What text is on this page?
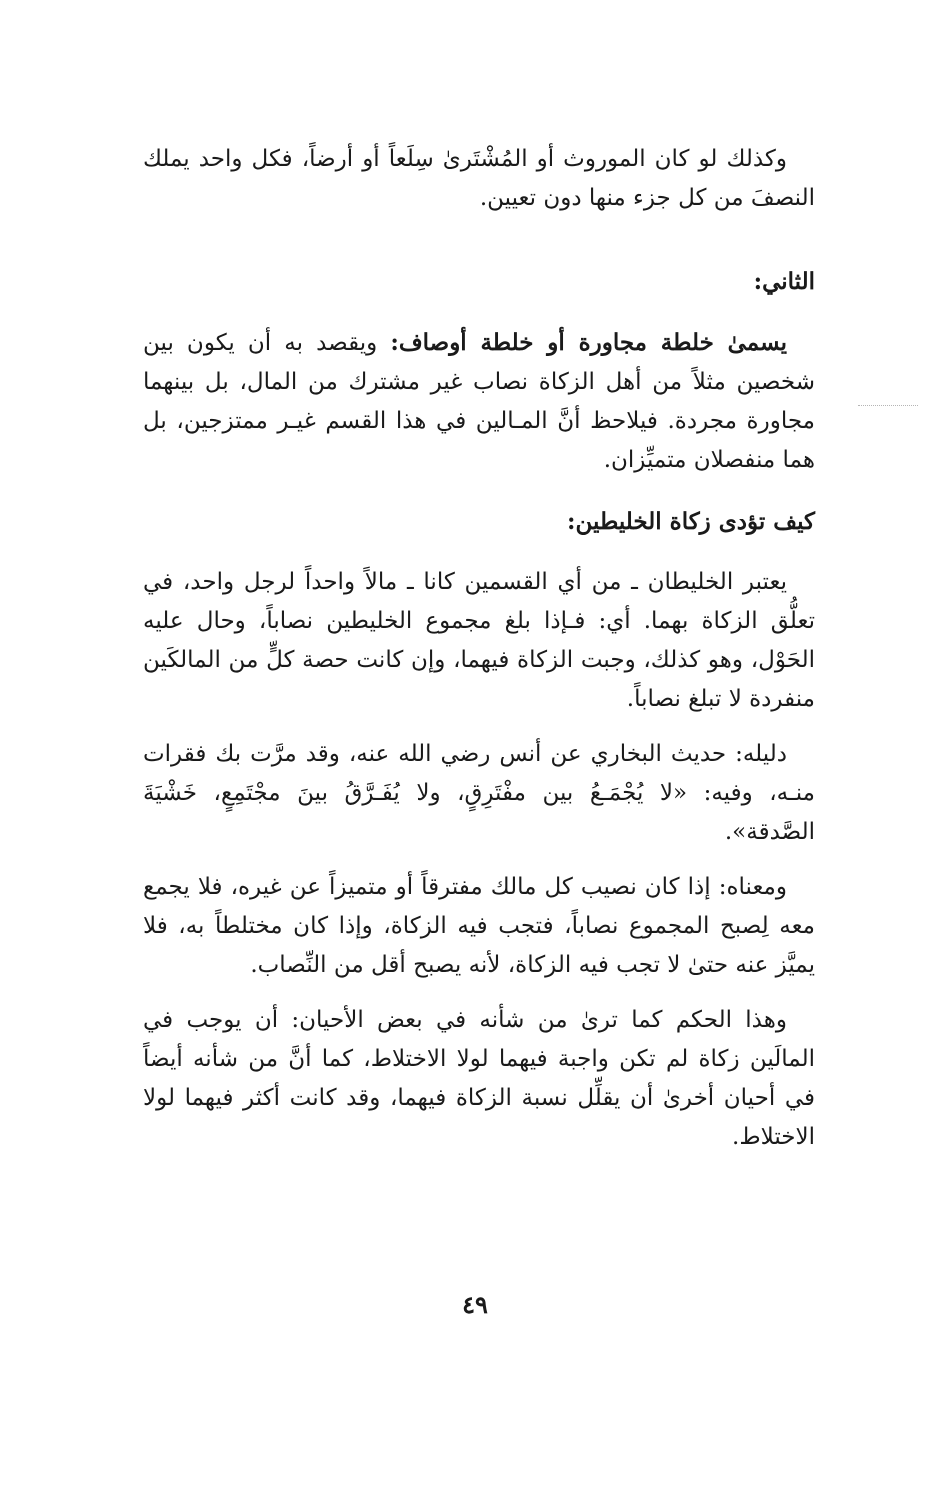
وكذلك لو كان الموروث أو المُشْتَرىٰ سِلَعاً أو أرضاً، فكل واحد يملك النصفَ من كل جزء منها دون تعيين.

الثاني:

يسمىٰ خلطة مجاورة أو خلطة أوصاف: ويقصد به أن يكون بين شخصين مثلاً من أهل الزكاة نصاب غير مشترك من المال، بل بينهما مجاورة مجردة. فيلاحظ أنَّ المـالين في هذا القسم غيـر ممتزجين، بل هما منفصلان متميِّزان.

كيف تؤدى زكاة الخليطين:

يعتبر الخليطان ـ من أي القسمين كانا ـ مالاً واحداً لرجل واحد، في تعلُّق الزكاة بهما. أي: فـإذا بلغ مجموع الخليطين نصاباً، وحال عليه الحَوْل، وهو كذلك، وجبت الزكاة فيهما، وإن كانت حصة كلٍّ من المالكَين منفردة لا تبلغ نصاباً.

دليله: حديث البخاري عن أنس رضي الله عنه، وقد مرَّت بك فقرات منـه، وفيه: «لا يُجْمَـعُ بين مفْتَرِقٍ، ولا يُفَـرَّقُ بينَ مجْتَمِعٍ، خَشْيَةَ الصَّدقة».

ومعناه: إذا كان نصيب كل مالك مفترقاً أو متميزاً عن غيره، فلا يجمع معه لِصبح المجموع نصاباً، فتجب فيه الزكاة، وإذا كان مختلطاً به، فلا يميَّز عنه حتىٰ لا تجب فيه الزكاة، لأنه يصبح أقل من النِّصاب.

وهذا الحكم كما ترىٰ من شأنه في بعض الأحيان: أن يوجب في المالَين زكاة لم تكن واجبة فيهما لولا الاختلاط، كما أنَّ من شأنه أيضاً في أحيان أخرىٰ أن يقلِّل نسبة الزكاة فيهما، وقد كانت أكثر فيهما لولا الاختلاط.

٤٩
